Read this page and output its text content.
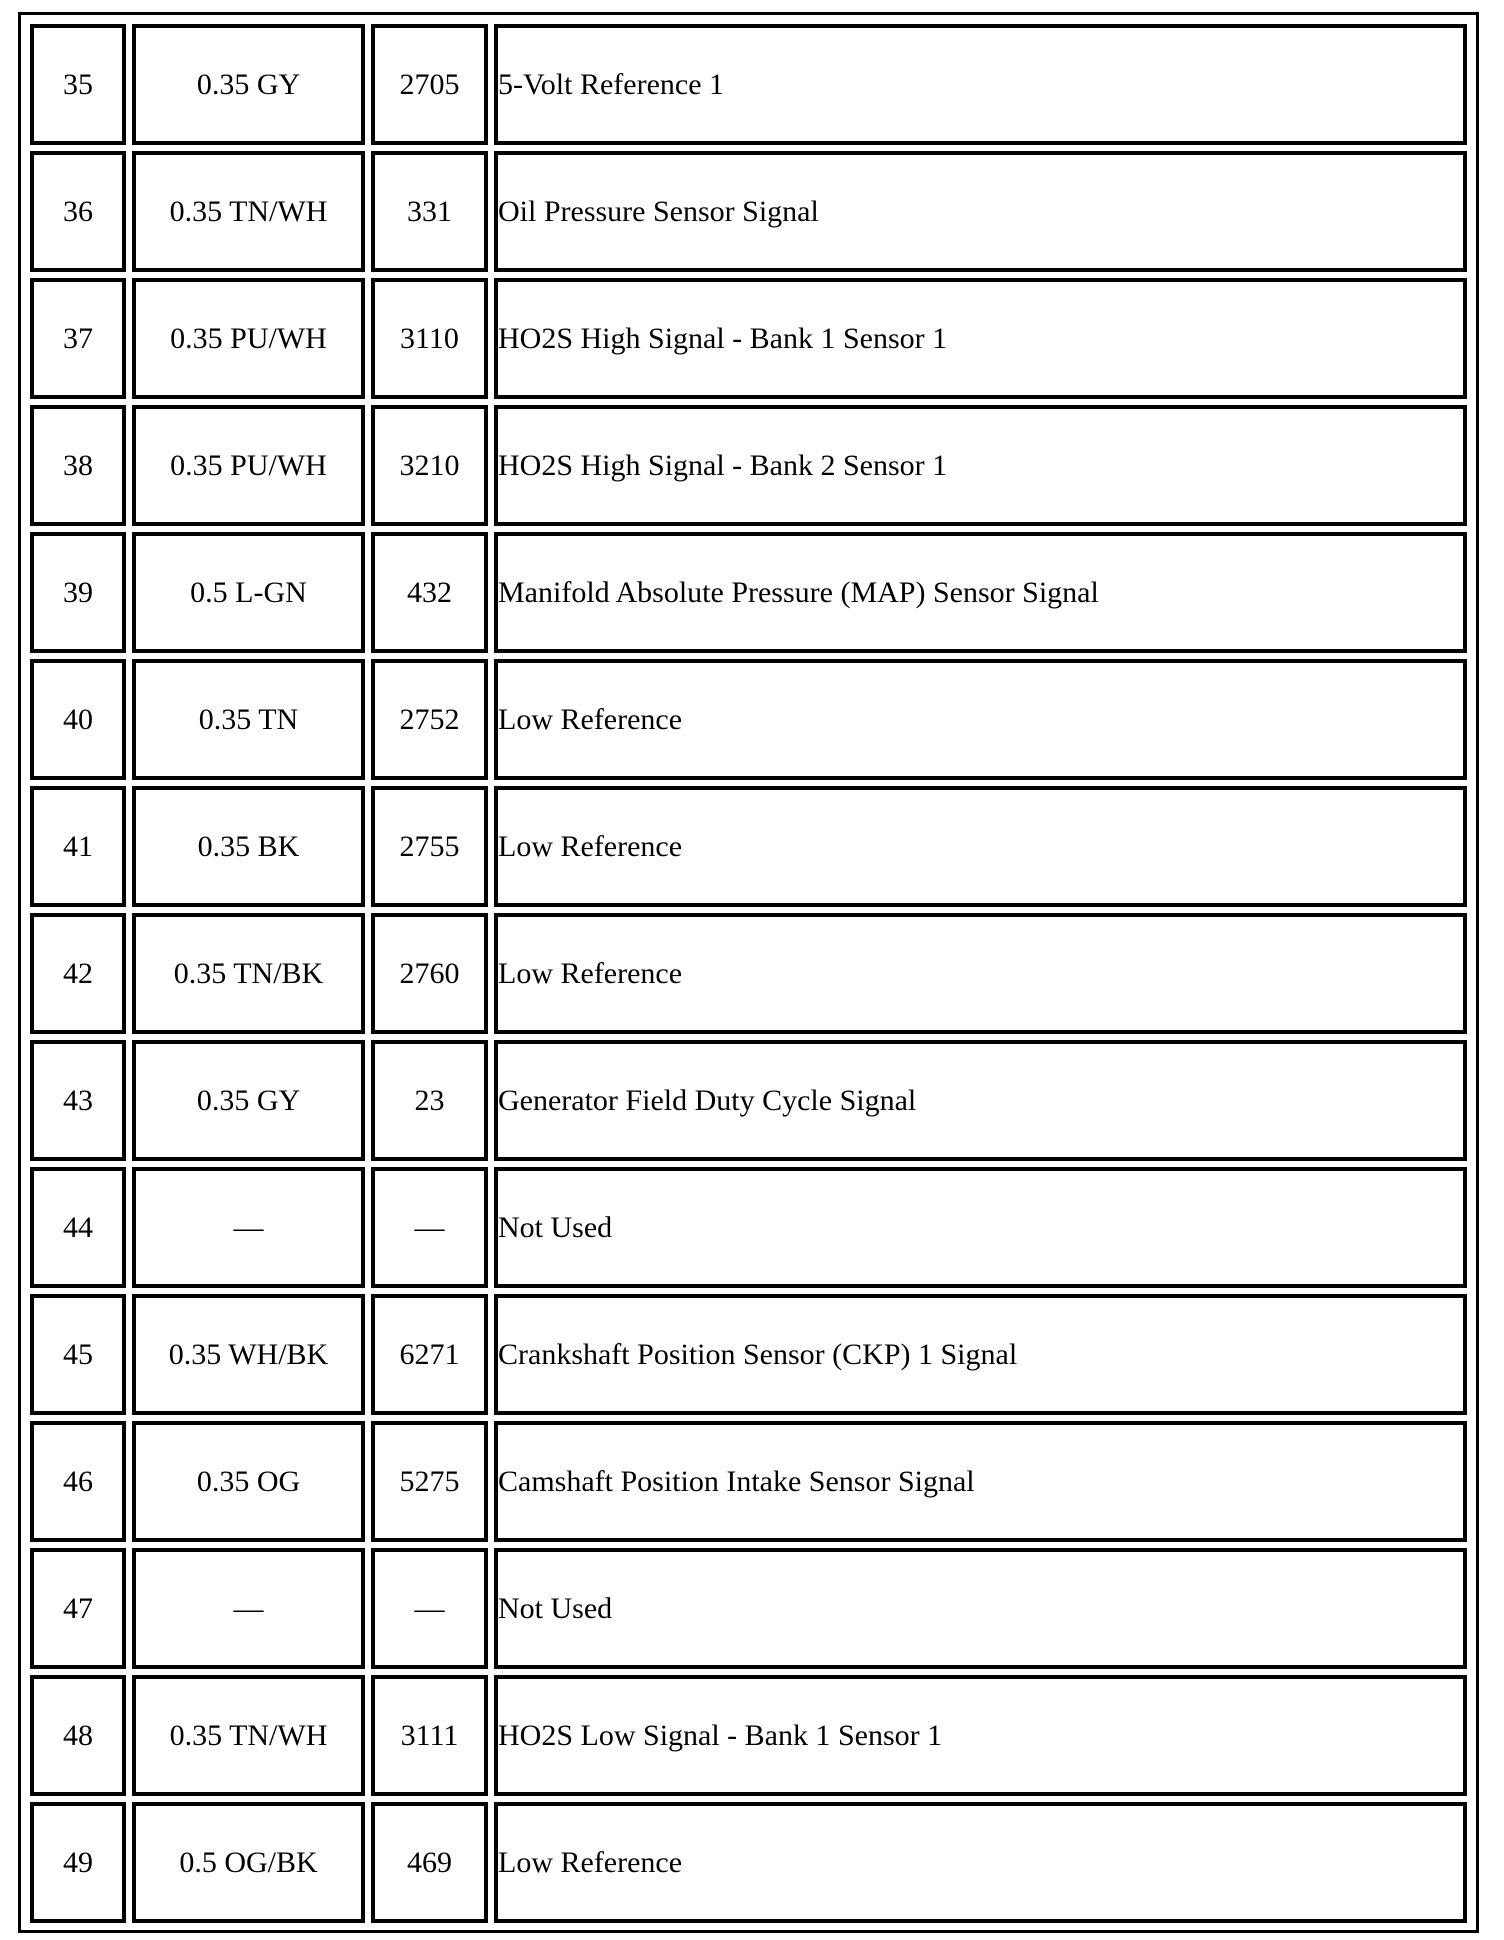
35	0.35 GY	2705	5-Volt Reference 1
36	0.35 TN/WH	331	Oil Pressure Sensor Signal
37	0.35 PU/WH	3110	HO2S High Signal - Bank 1 Sensor 1
38	0.35 PU/WH	3210	HO2S High Signal - Bank 2 Sensor 1
39	0.5 L-GN	432	Manifold Absolute Pressure (MAP) Sensor Signal
40	0.35 TN	2752	Low Reference
41	0.35 BK	2755	Low Reference
42	0.35 TN/BK	2760	Low Reference
43	0.35 GY	23	Generator Field Duty Cycle Signal
44	—	—	Not Used
45	0.35 WH/BK	6271	Crankshaft Position Sensor (CKP) 1 Signal
46	0.35 OG	5275	Camshaft Position Intake Sensor Signal
47	—	—	Not Used
48	0.35 TN/WH	3111	HO2S Low Signal - Bank 1 Sensor 1
49	0.5 OG/BK	469	Low Reference
